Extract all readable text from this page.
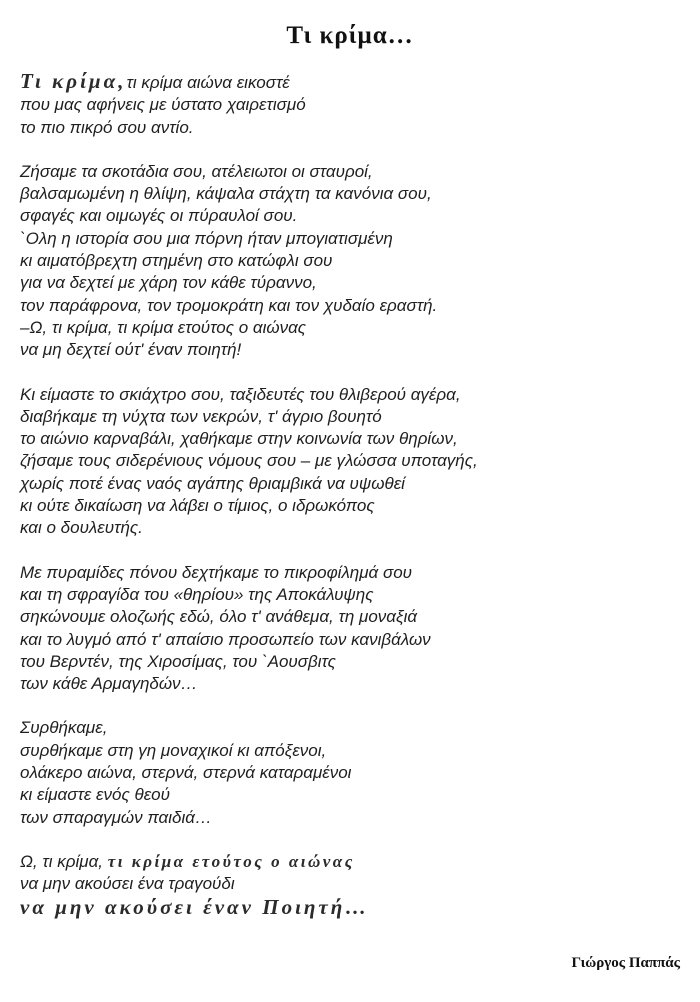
Τι κρίμα…
Τι κρίμα,τι κρίμα αιώνα εικοστέ
που μας αφήνεις με ύστατο χαιρετισμό
το πιο πικρό σου αντίο.
Ζήσαμε τα σκοτάδια σου, ατέλειωτοι οι σταυροί,
βαλσαμωμένη η θλίψη, κάψαλα στάχτη τα κανόνια σου,
σφαγές και οιμωγές οι πύραυλοί σου.
`Ολη η ιστορία σου μια πόρνη ήταν μπογιατισμένη
κι αιματόβρεχτη στημένη στο κατώφλι σου
για να δεχτεί με χάρη τον κάθε τύραννο,
τον παράφρονα, τον τρομοκράτη και τον χυδαίο εραστή.
–Ω, τι κρίμα, τι κρίμα ετούτος ο αιώνας
να μη δεχτεί ούτ' έναν ποιητή!
Κι είμαστε το σκιάχτρο σου, ταξιδευτές του θλιβερού αγέρα,
διαβήκαμε τη νύχτα των νεκρών, τ' άγριο βουητό
το αιώνιο καρναβάλι, χαθήκαμε στην κοινωνία των θηρίων,
ζήσαμε τους σιδερένιους νόμους σου – με γλώσσα υποταγής,
χωρίς ποτέ ένας ναός αγάπης θριαμβικά να υψωθεί
κι ούτε δικαίωση να λάβει ο τίμιος, ο ιδρωκόπος
και ο δουλευτής.
Με πυραμίδες πόνου δεχτήκαμε το πικροφίλημά σου
και τη σφραγίδα του «θηρίου» της Αποκάλυψης
σηκώνουμε ολοζωής εδώ, όλο τ' ανάθεμα, τη μοναξιά
και το λυγμό από τ' απαίσιο προσωπείο των κανιβάλων
του Βερντέν, της Χιροσίμας, του `Αουσβιτς
των κάθε Αρμαγηδών…
Συρθήκαμε,
συρθήκαμε στη γη μοναχικοί κι απόξενοι,
ολάκερο αιώνα, στερνά, στερνά καταραμένοι
κι είμαστε ενός θεού
των σπαραγμών παιδιά…
Ω, τι κρίμα, τι κρίμα ετούτος ο αιώνας
να μην ακούσει ένα τραγούδι
να μην ακούσει έναν Ποιητή…
Γιώργος Παππάς
